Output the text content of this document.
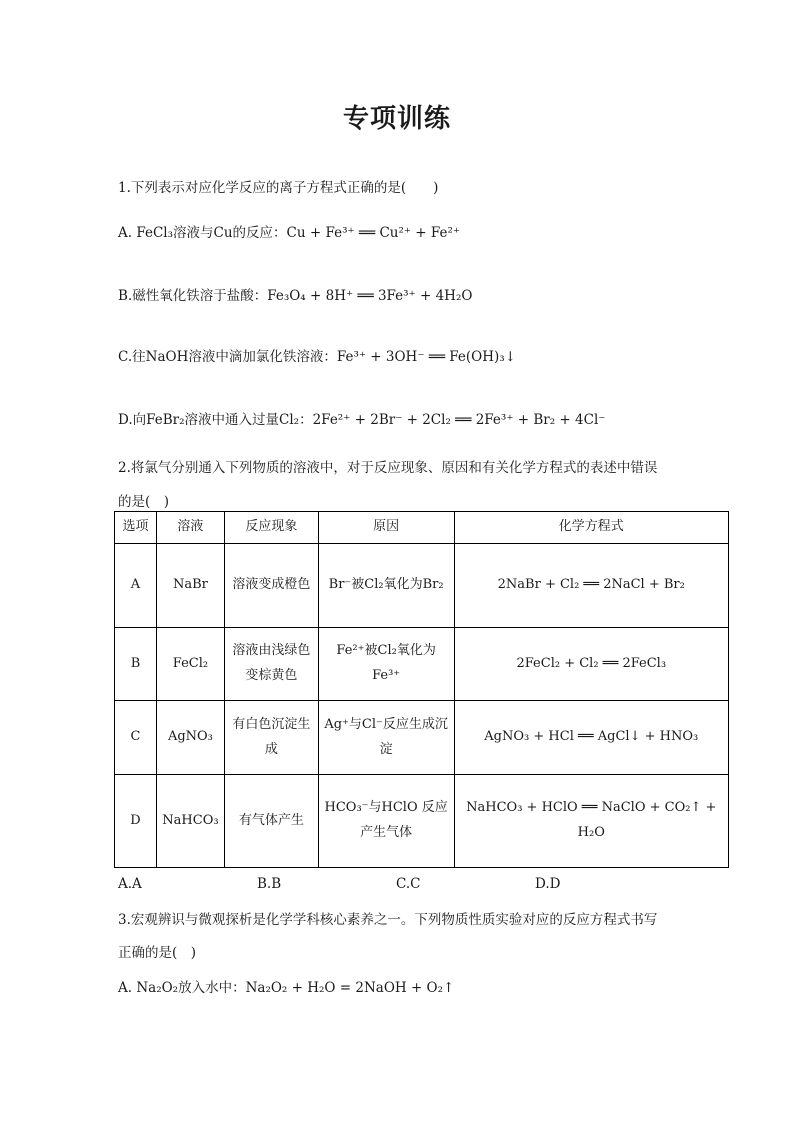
专项训练
1.下列表示对应化学反应的离子方程式正确的是(　　)
A. FeCl₃溶液与Cu的反应：Cu + Fe³⁺ ══ Cu²⁺ + Fe²⁺
B.磁性氧化铁溶于盐酸：Fe₃O₄ + 8H⁺ ══ 3Fe³⁺ + 4H₂O
C.往NaOH溶液中滴加氯化铁溶液：Fe³⁺ + 3OH⁻ ══ Fe(OH)₃↓
D.向FeBr₂溶液中通入过量Cl₂：2Fe²⁺ + 2Br⁻ + 2Cl₂ ══ 2Fe³⁺ + Br₂ + 4Cl⁻
2.将氯气分别通入下列物质的溶液中，对于反应现象、原因和有关化学方程式的表述中错误
的是(　)
选项	溶液	反应现象	原因	化学方程式
A	NaBr	溶液变成橙色	Br⁻被Cl₂氧化为Br₂	2NaBr + Cl₂ ══ 2NaCl + Br₂
B	FeCl₂	溶液由浅绿色变棕黄色	Fe²⁺被Cl₂氧化为Fe³⁺	2FeCl₂ + Cl₂ ══ 2FeCl₃
C	AgNO₃	有白色沉淀生成	Ag⁺与Cl⁻反应生成沉淀	AgNO₃ + HCl ══ AgCl↓ + HNO₃
D	NaHCO₃	有气体产生	HCO₃⁻与HClO 反应产生气体	NaHCO₃ + HClO ══ NaClO + CO₂↑ + H₂O
A.A	B.B	C.C	D.D
3.宏观辨识与微观探析是化学学科核心素养之一。下列物质性质实验对应的反应方程式书写
正确的是(　)
A. Na₂O₂放入水中：Na₂O₂ + H₂O = 2NaOH + O₂↑
